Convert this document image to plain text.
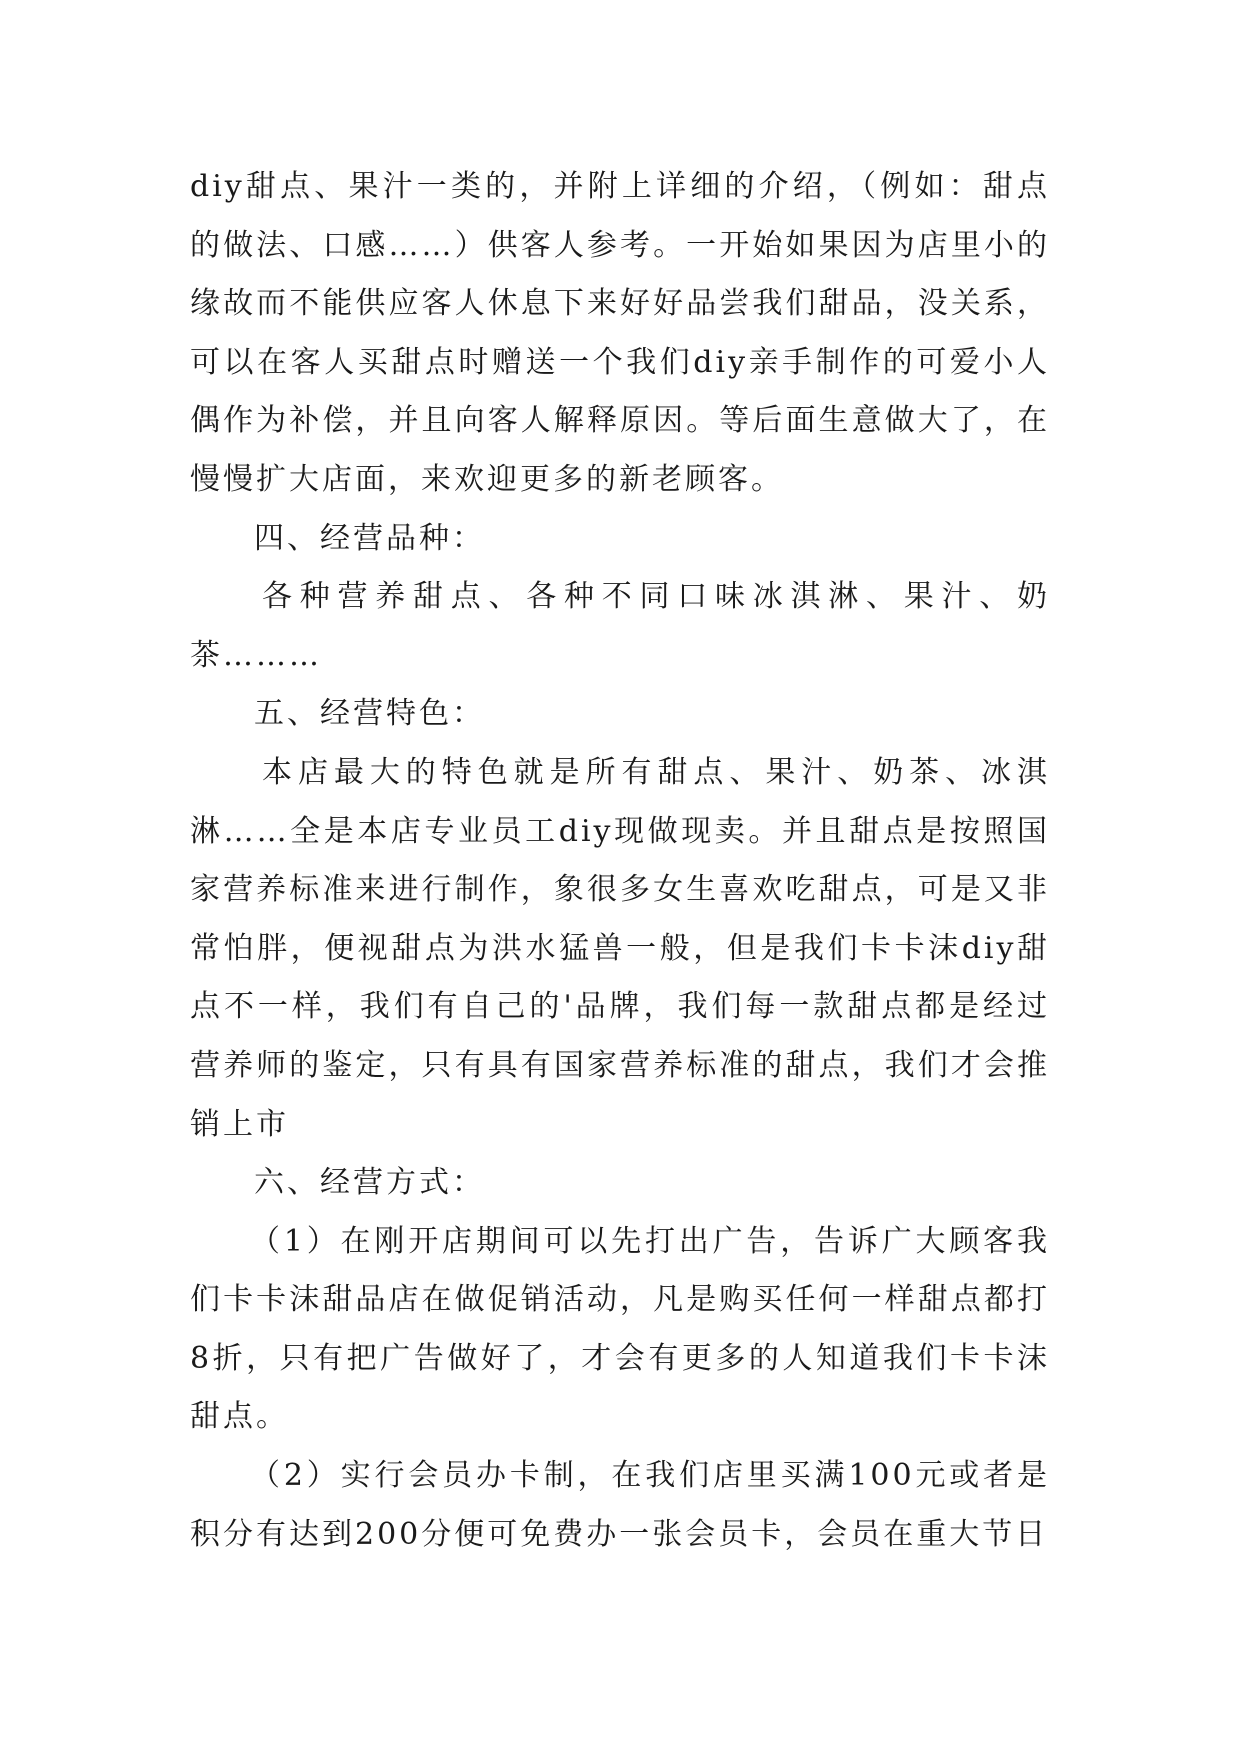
diy甜点、果汁一类的，并附上详细的介绍，（例如：甜点的做法、口感……）供客人参考。一开始如果因为店里小的缘故而不能供应客人休息下来好好品尝我们甜品，没关系，可以在客人买甜点时赠送一个我们diy亲手制作的可爱小人偶作为补偿，并且向客人解释原因。等后面生意做大了，在慢慢扩大店面，来欢迎更多的新老顾客。

四、经营品种：

各种营养甜点、各种不同口味冰淇淋、果汁、奶茶………

五、经营特色：

本店最大的特色就是所有甜点、果汁、奶茶、冰淇淋……全是本店专业员工diy现做现卖。并且甜点是按照国家营养标准来进行制作，象很多女生喜欢吃甜点，可是又非常怕胖，便视甜点为洪水猛兽一般，但是我们卡卡沫diy甜点不一样，我们有自己的'品牌，我们每一款甜点都是经过营养师的鉴定，只有具有国家营养标准的甜点，我们才会推销上市

六、经营方式：

（1）在刚开店期间可以先打出广告，告诉广大顾客我们卡卡沫甜品店在做促销活动，凡是购买任何一样甜点都打8折，只有把广告做好了，才会有更多的人知道我们卡卡沫甜点。

（2）实行会员办卡制，在我们店里买满100元或者是积分有达到200分便可免费办一张会员卡，会员在重大节日
